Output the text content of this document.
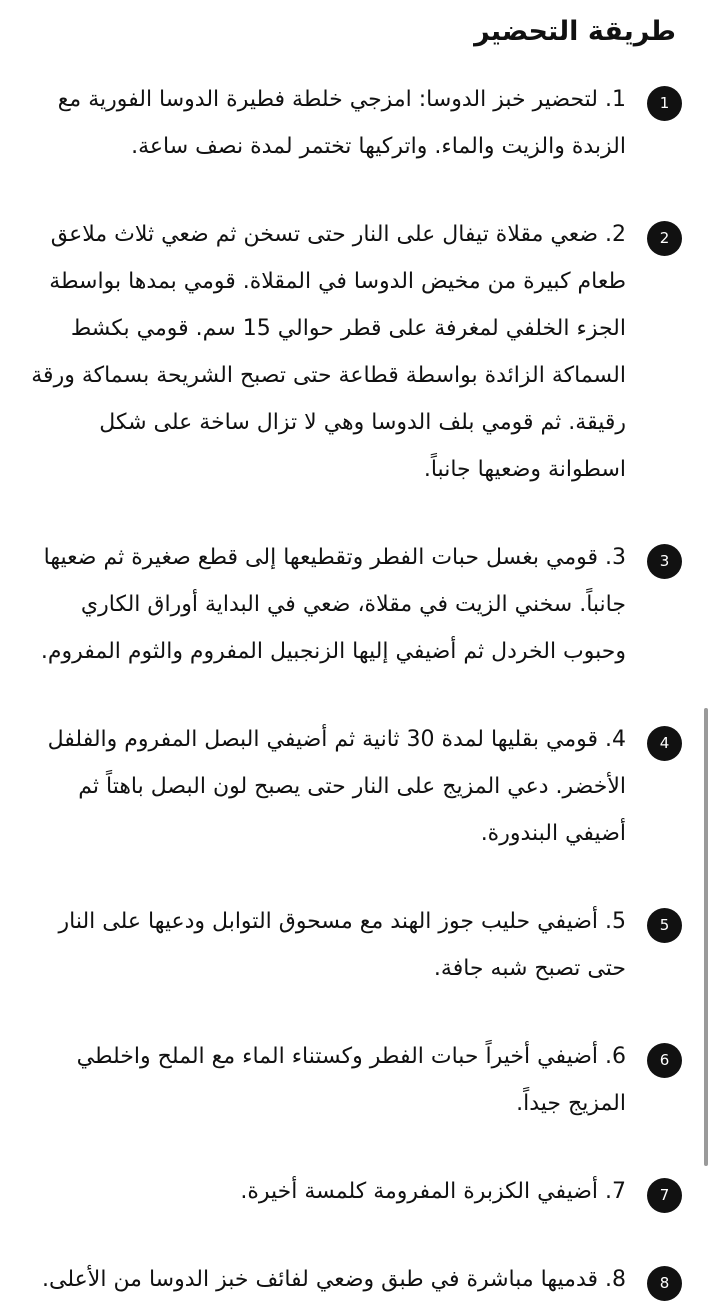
طريقة التحضير
1

1. لتحضير خبز الدوسا: امزجي خلطة فطيرة الدوسا الفورية مع الزبدة والزيت والماء. واتركيها تختمر لمدة نصف ساعة.

2

2. ضعي مقلاة تيفال على النار حتى تسخن ثم ضعي ثلاث ملاعق طعام كبيرة من مخيض الدوسا في المقلاة. قومي بمدها بواسطة الجزء الخلفي لمغرفة على قطر حوالي 15 سم. قومي بكشط السماكة الزائدة بواسطة قطاعة حتى تصبح الشريحة بسماكة ورقة رقيقة. ثم قومي بلف الدوسا وهي لا تزال ساخة على شكل اسطوانة وضعيها جانباً.

3

3. قومي بغسل حبات الفطر وتقطيعها إلى قطع صغيرة ثم ضعيها جانباً. سخني الزيت في مقلاة، ضعي في البداية أوراق الكاري وحبوب الخردل ثم أضيفي إليها الزنجبيل المفروم والثوم المفروم.

4

4. قومي بقليها لمدة 30 ثانية ثم أضيفي البصل المفروم والفلفل الأخضر. دعي المزيج على النار حتى يصبح لون البصل باهتاً ثم أضيفي البندورة.

5

5. أضيفي حليب جوز الهند مع مسحوق التوابل ودعيها على النار حتى تصبح شبه جافة.

6

6. أضيفي أخيراً حبات الفطر وكستناء الماء مع الملح واخلطي المزيج جيداً.

7

7. أضيفي الكزبرة المفرومة كلمسة أخيرة.

8

8. قدميها مباشرة في طبق وضعي لفائف خبز الدوسا من الأعلى.
